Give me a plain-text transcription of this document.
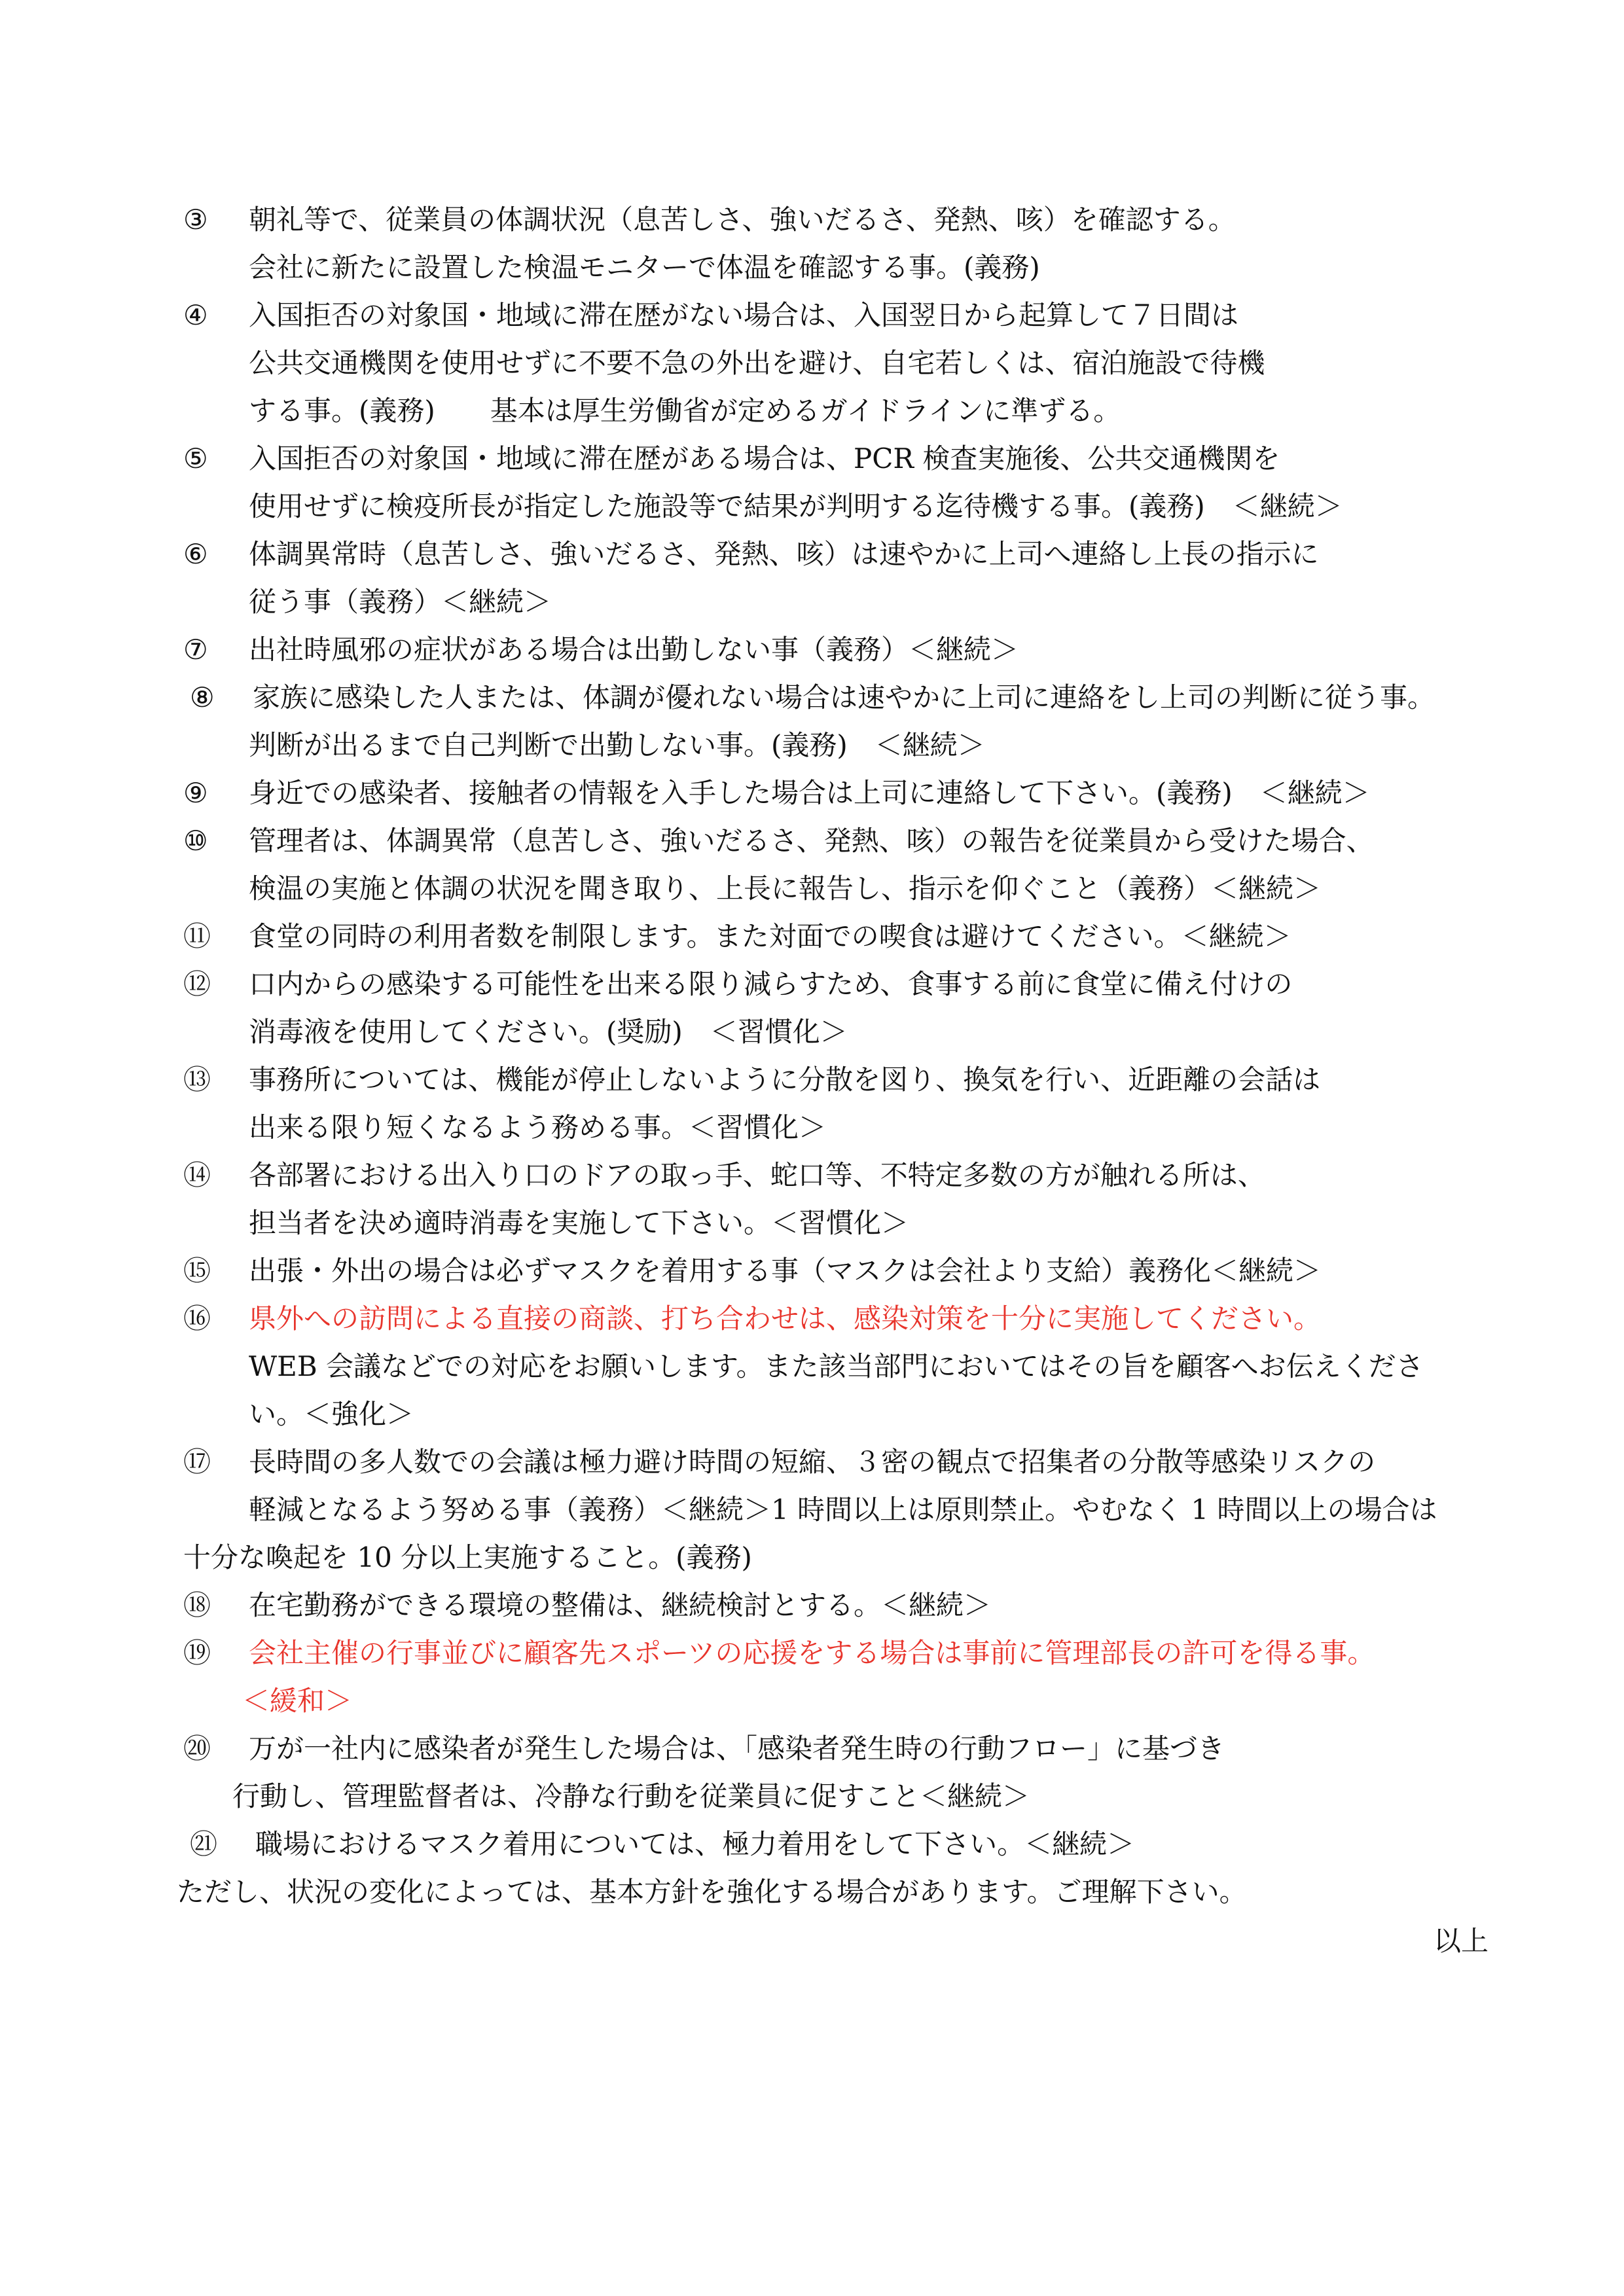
③ 朝礼等で、従業員の体調状況（息苦しさ、強いだるさ、発熱、咳）を確認する。
会社に新たに設置した検温モニターで体温を確認する事。(義務)
④ 入国拒否の対象国・地域に滞在歴がない場合は、入国翌日から起算して７日間は
公共交通機関を使用せずに不要不急の外出を避け、自宅若しくは、宿泊施設で待機
する事。(義務)　　基本は厚生労働省が定めるガイドラインに準ずる。
⑤ 入国拒否の対象国・地域に滞在歴がある場合は、PCR 検査実施後、公共交通機関を
使用せずに検疫所長が指定した施設等で結果が判明する迄待機する事。(義務)　＜継続＞
⑥ 体調異常時（息苦しさ、強いだるさ、発熱、咳）は速やかに上司へ連絡し上長の指示に
従う事（義務）＜継続＞
⑦ 出社時風邪の症状がある場合は出勤しない事（義務）＜継続＞
⑧ 家族に感染した人または、体調が優れない場合は速やかに上司に連絡をし上司の判断に従う事。
判断が出るまで自己判断で出勤しない事。(義務)　＜継続＞
⑨ 身近での感染者、接触者の情報を入手した場合は上司に連絡して下さい。(義務)　＜継続＞
⑩ 管理者は、体調異常（息苦しさ、強いだるさ、発熱、咳）の報告を従業員から受けた場合、
検温の実施と体調の状況を聞き取り、上長に報告し、指示を仰ぐこと（義務）＜継続＞
⑪ 食堂の同時の利用者数を制限します。また対面での喫食は避けてください。＜継続＞
⑫ 口内からの感染する可能性を出来る限り減らすため、食事する前に食堂に備え付けの
消毒液を使用してください。(奨励)　＜習慣化＞
⑬ 事務所については、機能が停止しないように分散を図り、換気を行い、近距離の会話は
出来る限り短くなるよう務める事。＜習慣化＞
⑭ 各部署における出入り口のドアの取っ手、蛇口等、不特定多数の方が触れる所は、
担当者を決め適時消毒を実施して下さい。＜習慣化＞
⑮ 出張・外出の場合は必ずマスクを着用する事（マスクは会社より支給）義務化＜継続＞
⑯ 県外への訪問による直接の商談、打ち合わせは、感染対策を十分に実施してください。
WEB 会議などでの対応をお願いします。また該当部門においてはその旨を顧客へお伝えくださ
い。＜強化＞
⑰ 長時間の多人数での会議は極力避け時間の短縮、３密の観点で招集者の分散等感染リスクの
軽減となるよう努める事（義務）＜継続＞1 時間以上は原則禁止。やむなく 1 時間以上の場合は
十分な喚起を 10 分以上実施すること。(義務)
⑱ 在宅勤務ができる環境の整備は、継続検討とする。＜継続＞
⑲ 会社主催の行事並びに顧客先スポーツの応援をする場合は事前に管理部長の許可を得る事。
＜緩和＞
⑳ 万が一社内に感染者が発生した場合は、「感染者発生時の行動フロー」に基づき
行動し、管理監督者は、冷静な行動を従業員に促すこと＜継続＞
㉑ 職場におけるマスク着用については、極力着用をして下さい。＜継続＞
ただし、状況の変化によっては、基本方針を強化する場合があります。ご理解下さい。
以上
